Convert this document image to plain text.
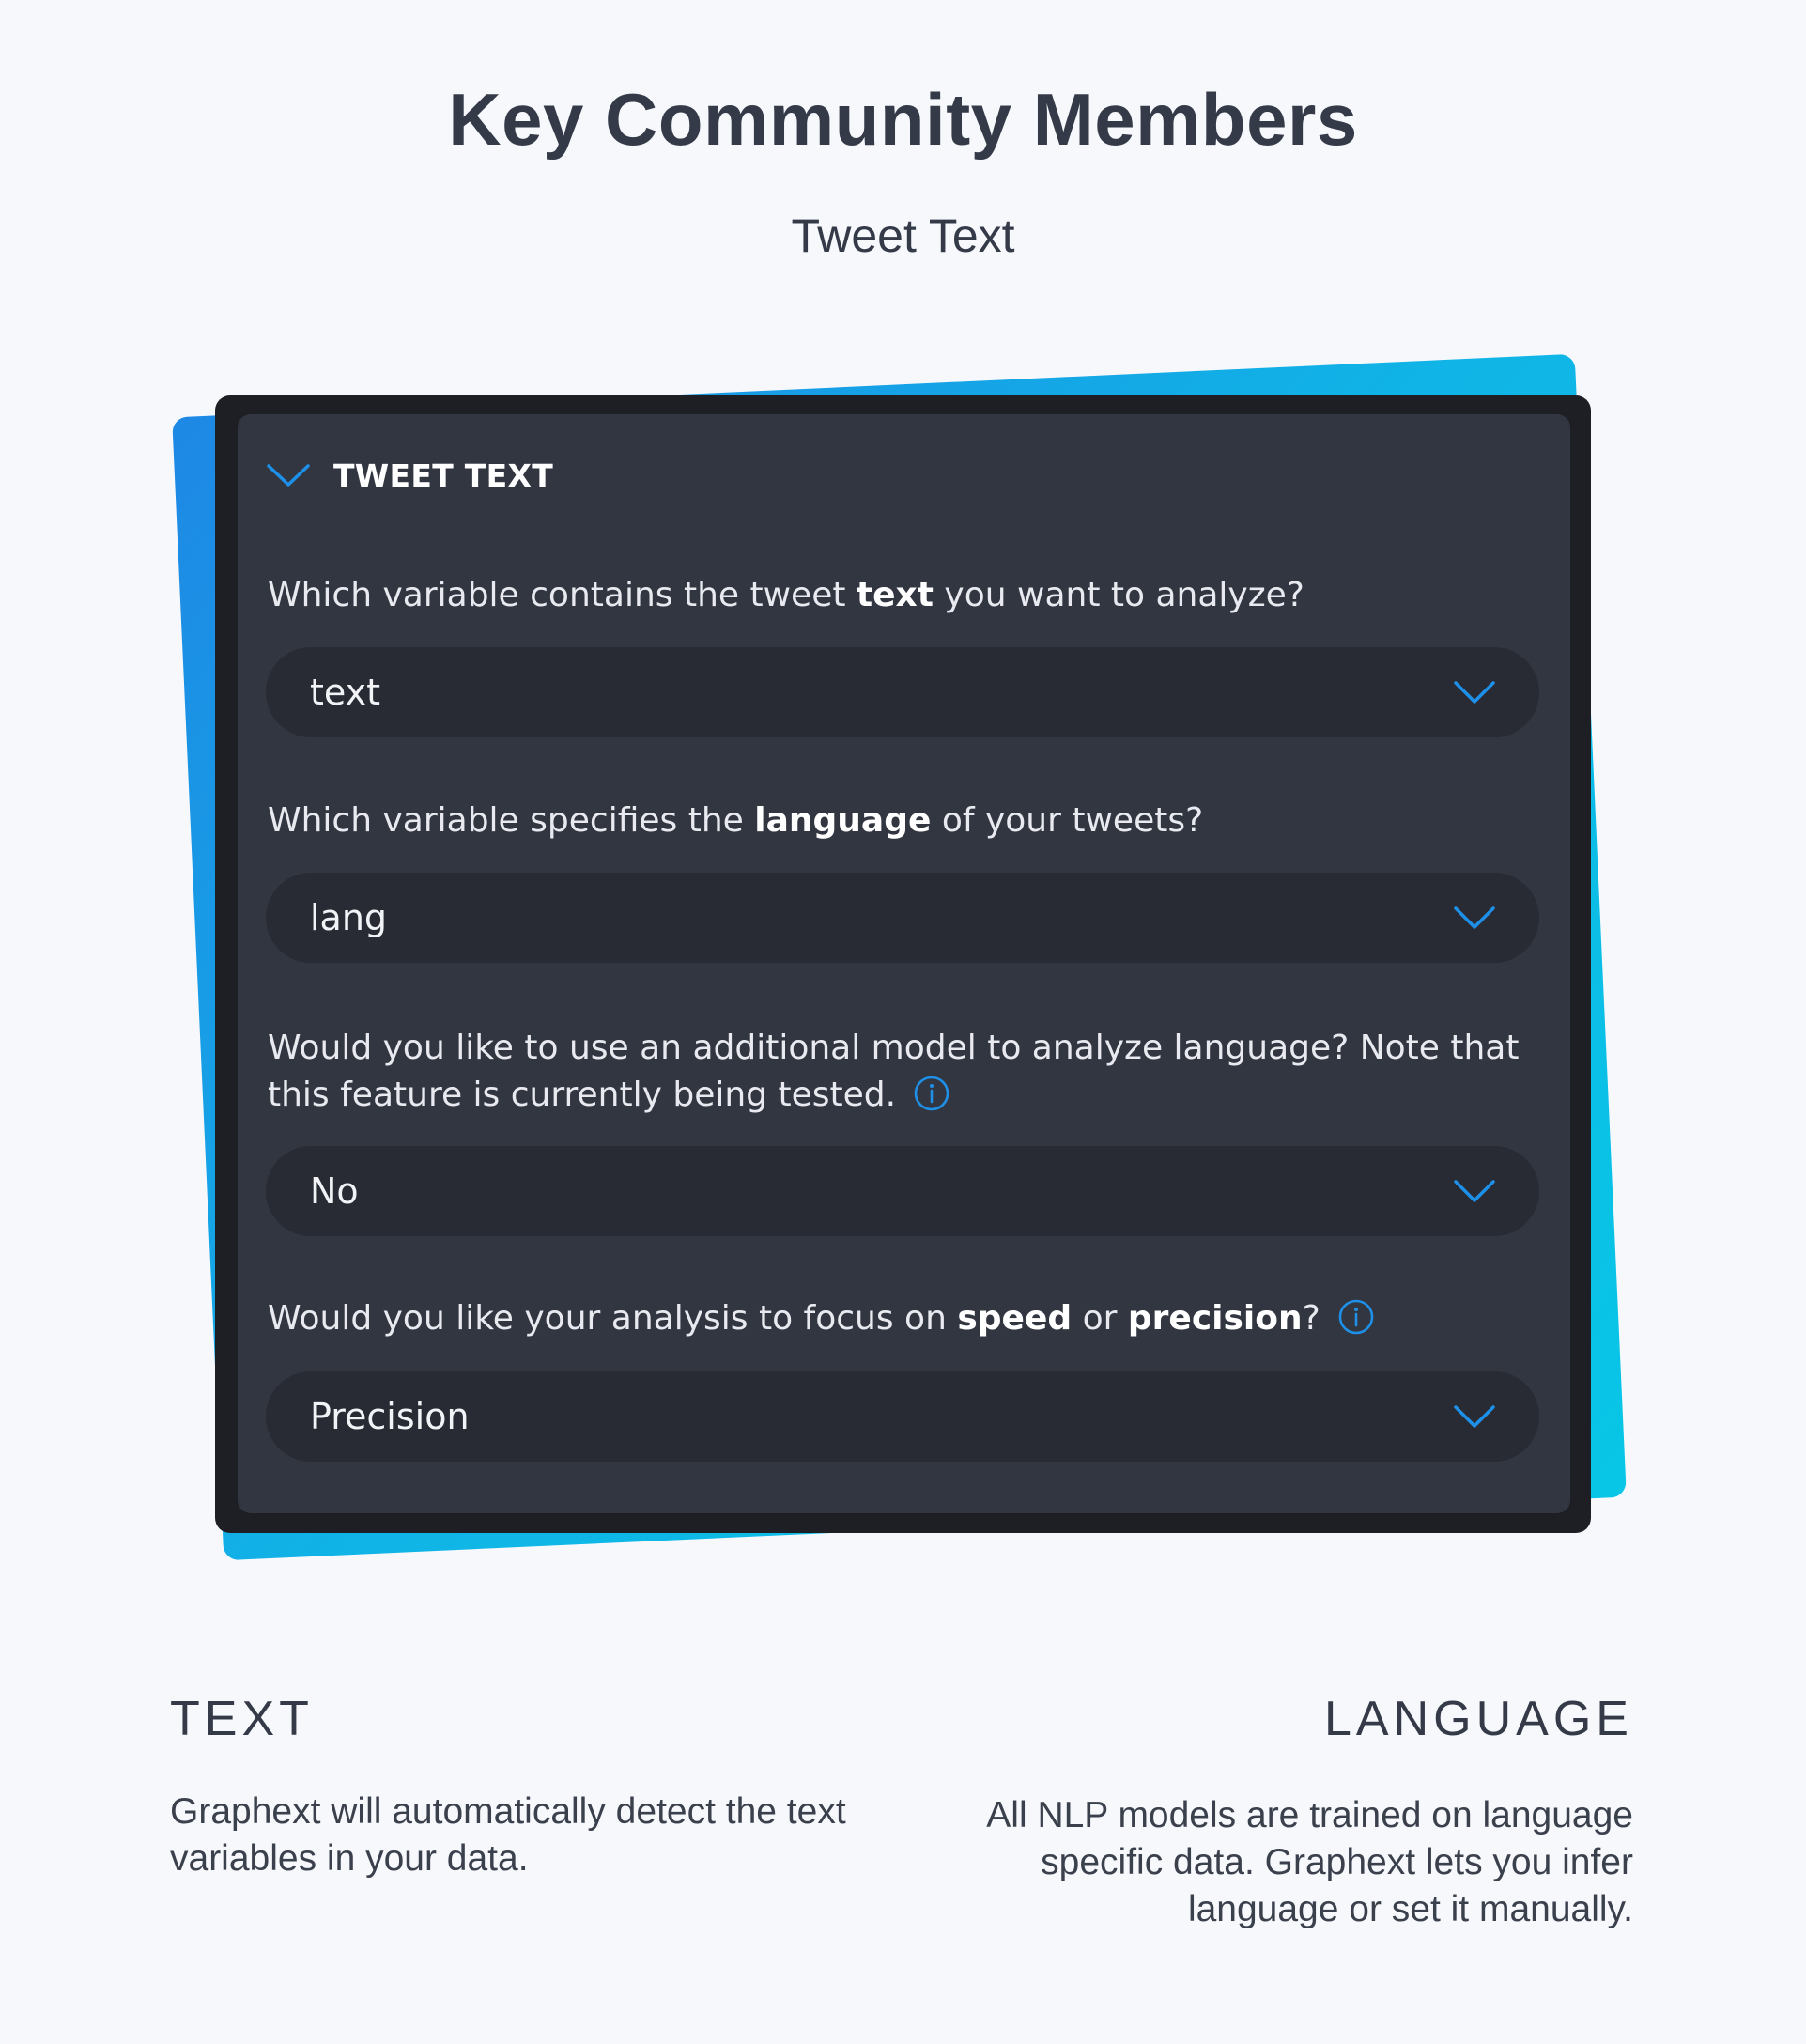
Key Community Members
Tweet Text
TWEET TEXT
Which variable contains the tweet text you want to analyze?
text
Which variable specifies the language of your tweets?
lang
Would you like to use an additional model to analyze language? Note that this feature is currently being tested.
No
Would you like your analysis to focus on speed or precision?
Precision
TEXT
Graphext will automatically detect the text variables in your data.
LANGUAGE
All NLP models are trained on language specific data. Graphext lets you infer language or set it manually.
